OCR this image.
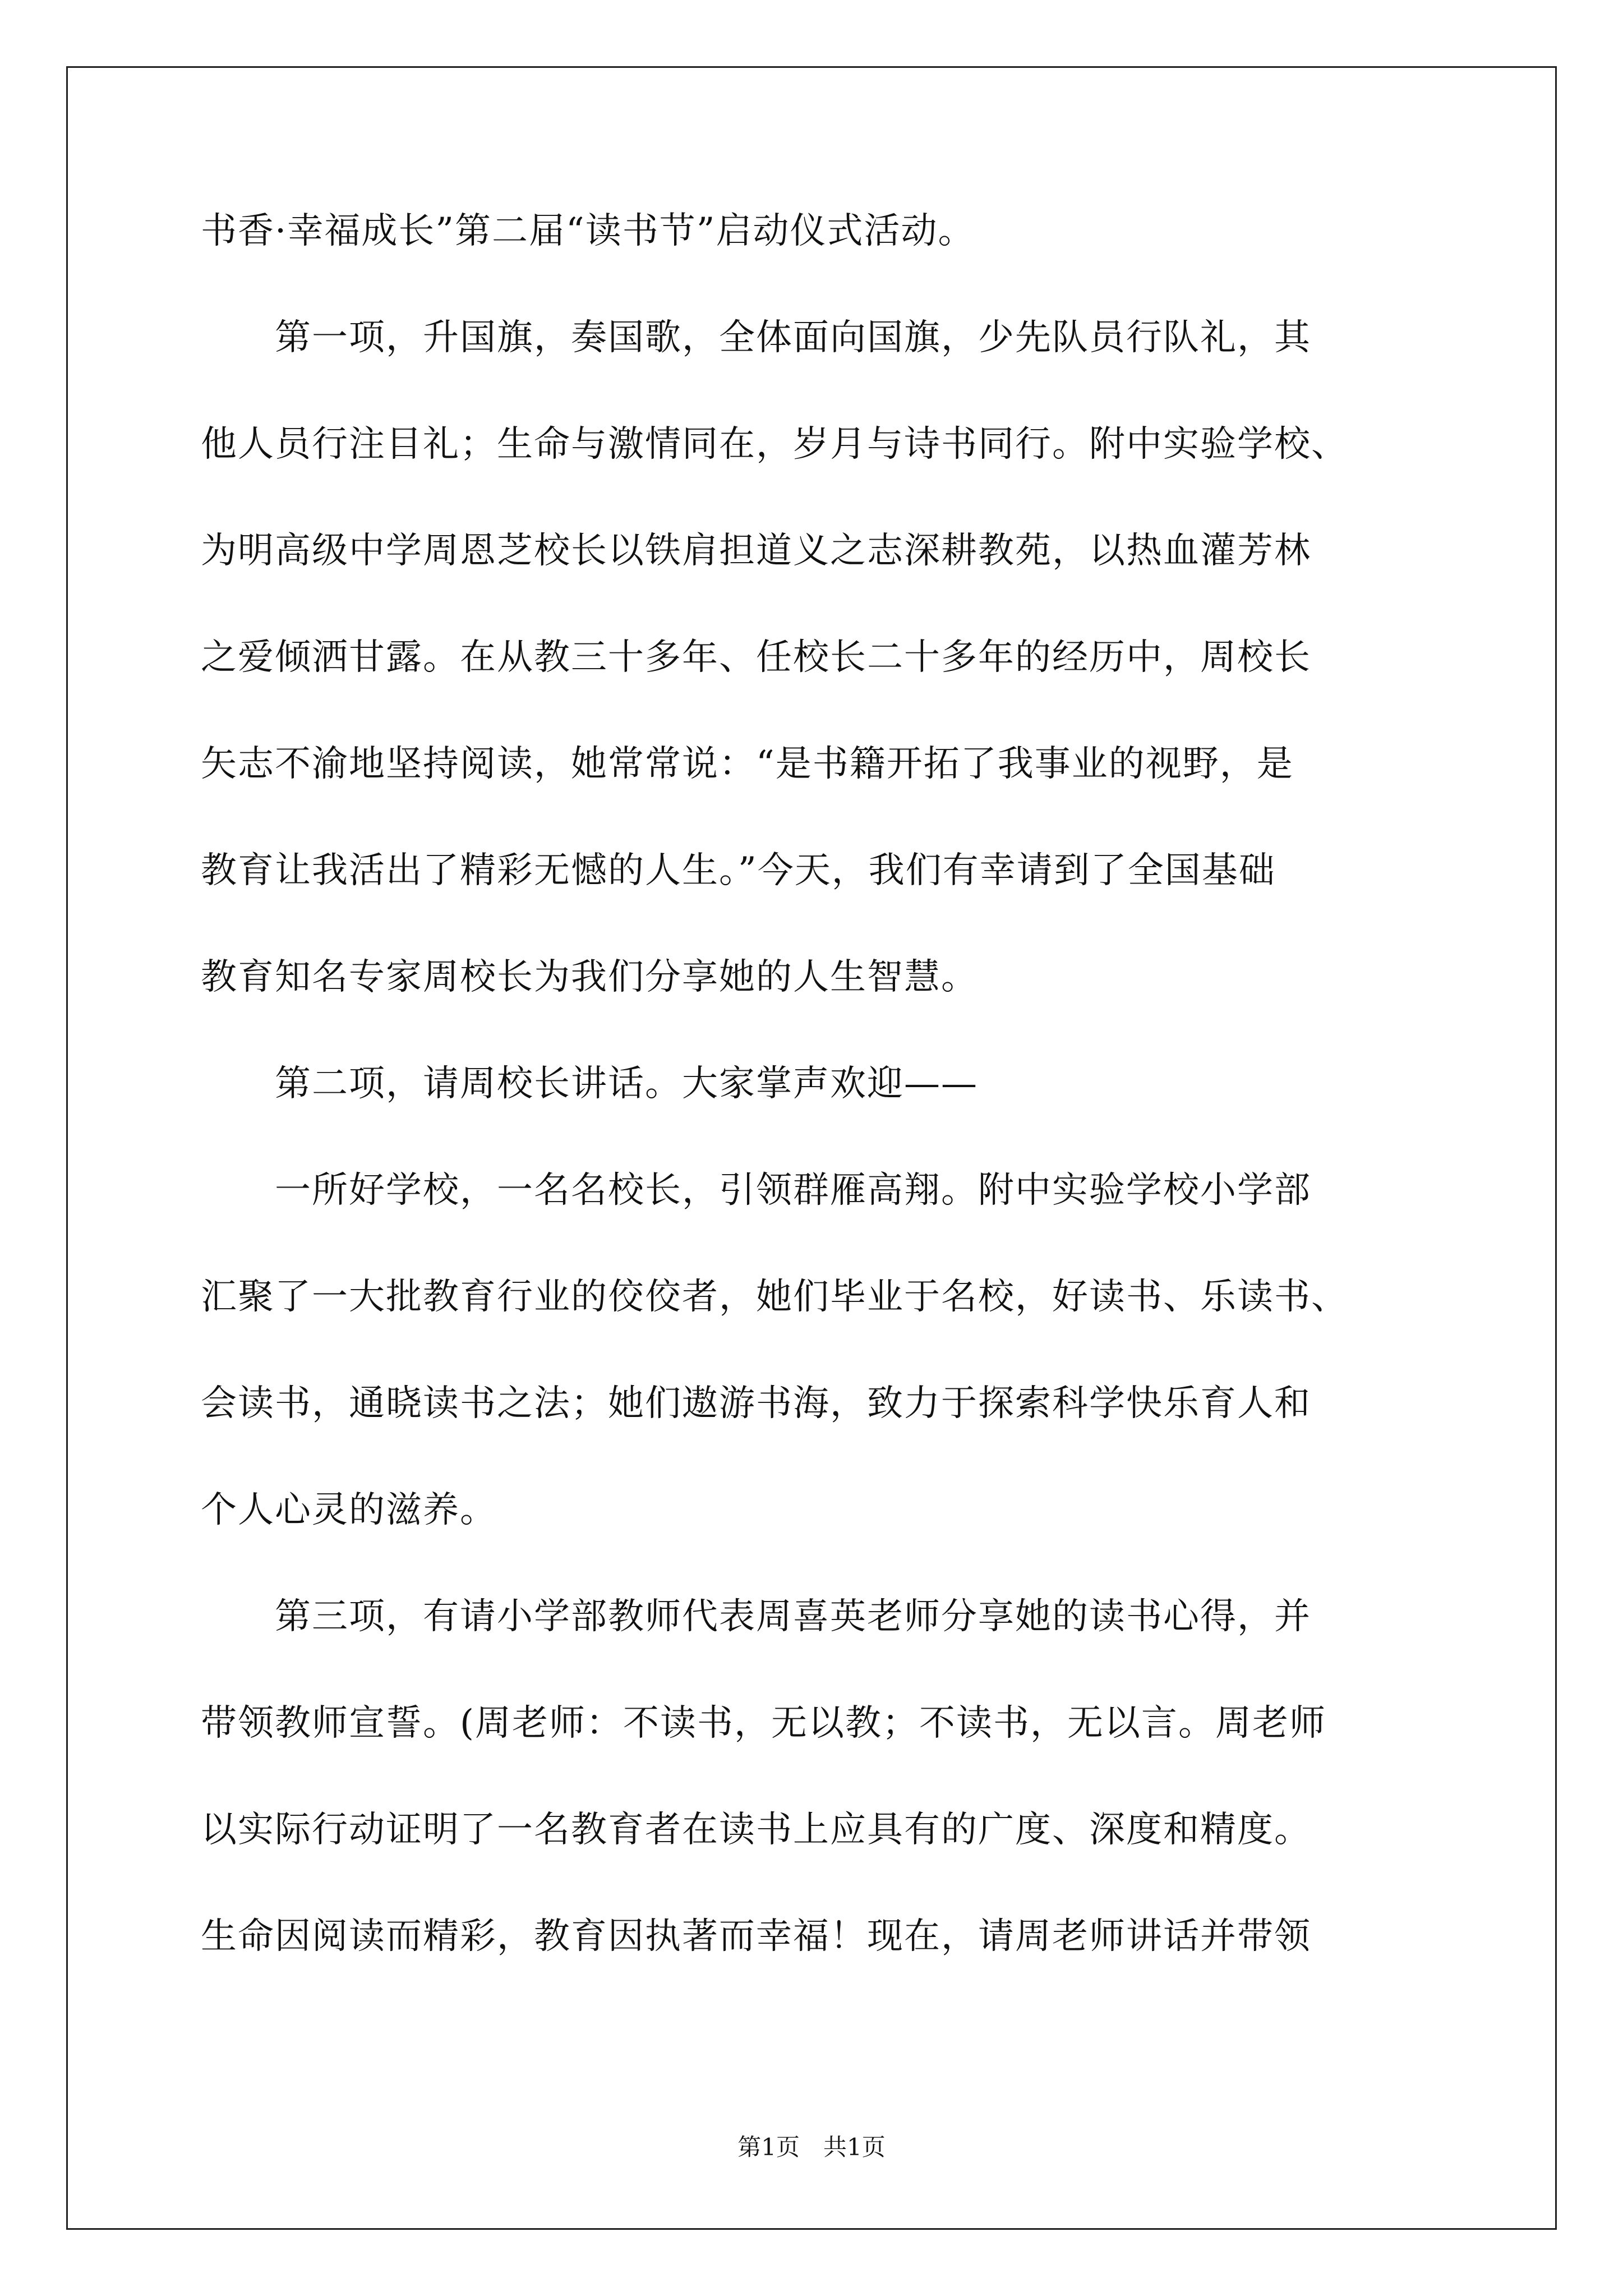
书香·幸福成长”第二届“读书节”启动仪式活动。
　　第一项，升国旗，奏国歌，全体面向国旗，少先队员行队礼，其
他人员行注目礼；生命与激情同在，岁月与诗书同行。附中实验学校、
为明高级中学周恩芝校长以铁肩担道义之志深耕教苑，以热血灌芳林
之爱倾洒甘露。在从教三十多年、任校长二十多年的经历中，周校长
矢志不渝地坚持阅读，她常常说：“是书籍开拓了我事业的视野，是
教育让我活出了精彩无憾的人生。”今天，我们有幸请到了全国基础
教育知名专家周校长为我们分享她的人生智慧。
　　第二项，请周校长讲话。大家掌声欢迎——
　　一所好学校，一名名校长，引领群雁高翔。附中实验学校小学部
汇聚了一大批教育行业的佼佼者，她们毕业于名校，好读书、乐读书、
会读书，通晓读书之法；她们遨游书海，致力于探索科学快乐育人和
个人心灵的滋养。
　　第三项，有请小学部教师代表周喜英老师分享她的读书心得，并
带领教师宣誓。(周老师：不读书，无以教；不读书，无以言。周老师
以实际行动证明了一名教育者在读书上应具有的广度、深度和精度。
生命因阅读而精彩，教育因执著而幸福！现在，请周老师讲话并带领
第1页　共1页
